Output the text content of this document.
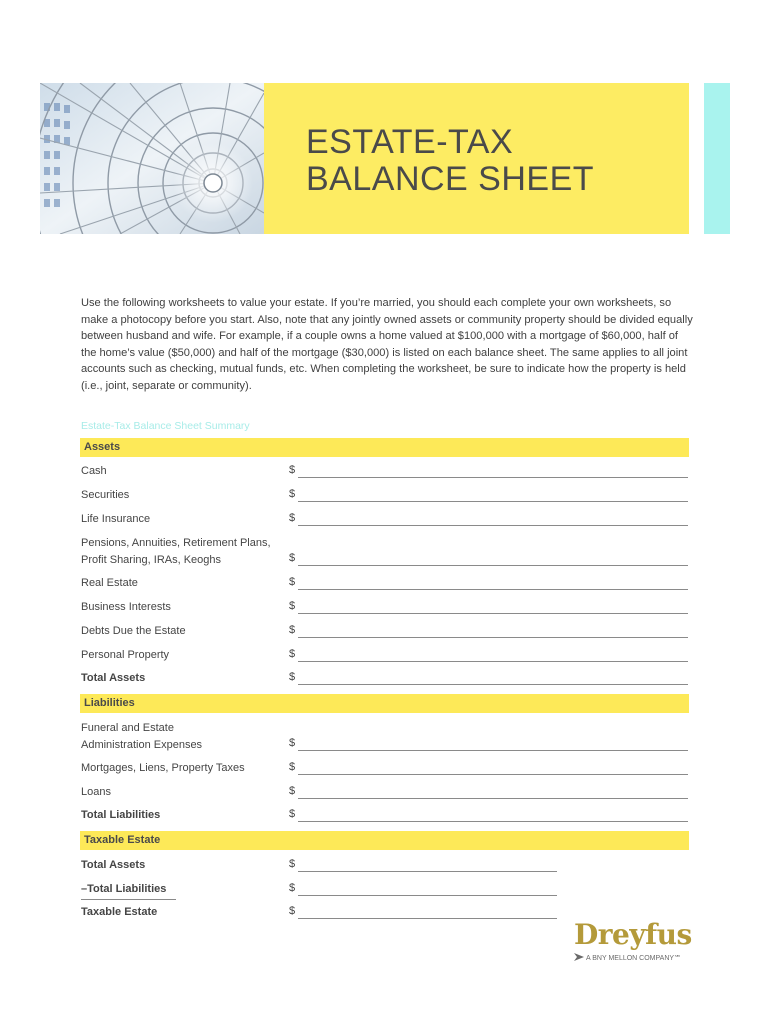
ESTATE-TAX
BALANCE SHEET

Use the following worksheets to value your estate. If you’re married, you should each complete your own worksheets, so make a photocopy before you start. Also, note that any jointly owned assets or community property should be divided equally between husband and wife. For example, if a couple owns a home valued at $100,000 with a mortgage of $60,000, half of the home’s value ($50,000) and half of the mortgage ($30,000) is listed on each balance sheet. The same applies to all joint accounts such as checking, mutual funds, etc. When completing the worksheet, be sure to indicate how the property is held (i.e., joint, separate or community).

Estate-Tax Balance Sheet Summary
Assets
Cash	$
Securities	$
Life Insurance	$
Pensions, Annuities, Retirement Plans,
Profit Sharing, IRAs, Keoghs	$
Real Estate	$
Business Interests	$
Debts Due the Estate	$
Personal Property	$
Total Assets	$
Liabilities
Funeral and Estate
Administration Expenses	$
Mortgages, Liens, Property Taxes	$
Loans	$
Total Liabilities	$
Taxable Estate
Total Assets	$
–Total Liabilities	$
Taxable Estate	$
Dreyfus
A BNY MELLON COMPANY℠
